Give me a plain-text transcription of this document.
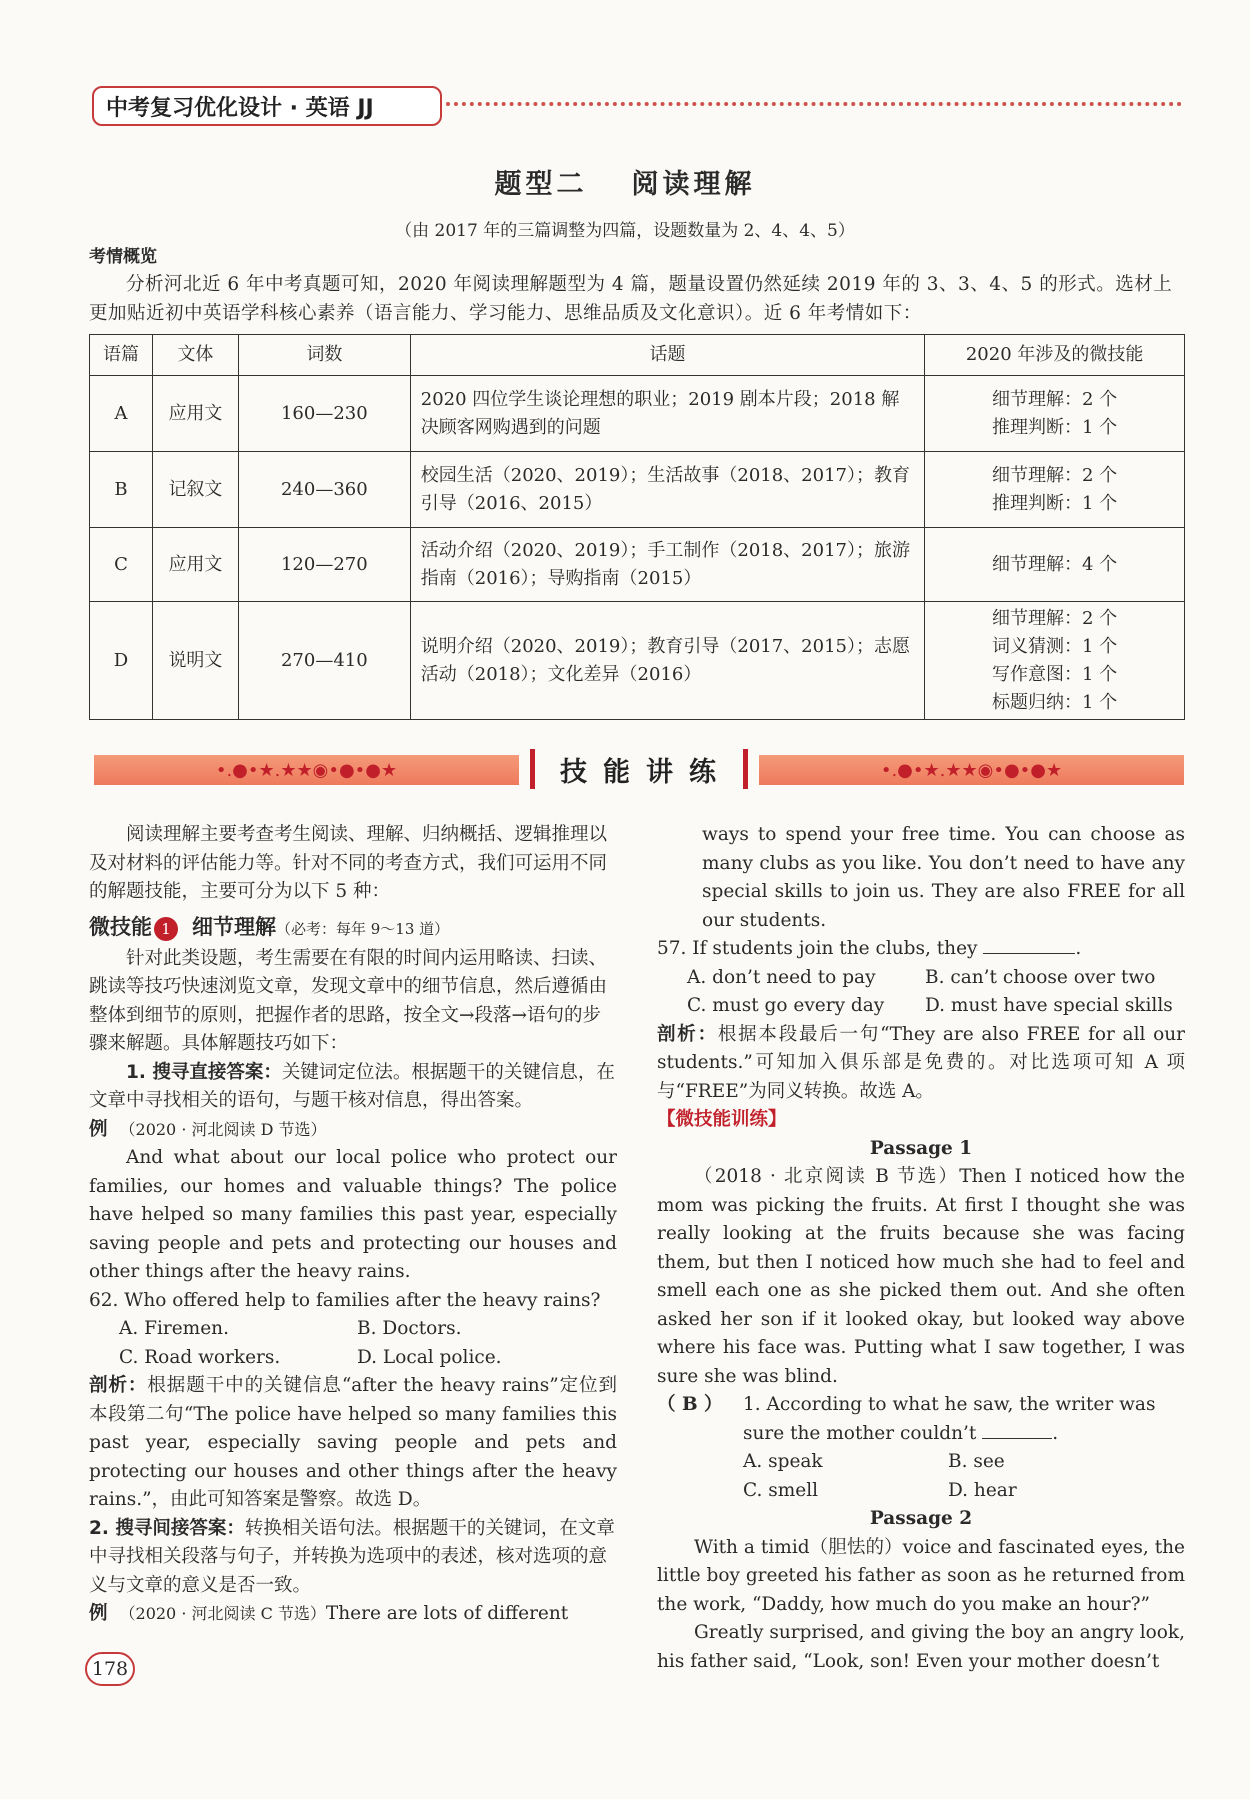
中考复习优化设计 · 英语 JJ
题型二 阅读理解
（由 2017 年的三篇调整为四篇，设题数量为 2、4、4、5）
考情概览
分析河北近 6 年中考真题可知，2020 年阅读理解题型为 4 篇，题量设置仍然延续 2019 年的 3、3、4、5 的形式。选材上更加贴近初中英语学科核心素养（语言能力、学习能力、思维品质及文化意识）。近 6 年考情如下：
语篇	文体	词数	话题	2020 年涉及的微技能
A	应用文	160—230	2020 四位学生谈论理想的职业；2019 剧本片段；2018 解决顾客网购遇到的问题	细节理解：2 个
推理判断：1 个

B	记叙文	240—360	校园生活（2020、2019）；生活故事（2018、2017）；教育引导（2016、2015）	细节理解：2 个
推理判断：1 个

C	应用文	120—270	活动介绍（2020、2019）；手工制作（2018、2017）；旅游指南（2016）；导购指南（2015）	细节理解：4 个

D	说明文	270—410	说明介绍（2020、2019）；教育引导（2017、2015）；志愿活动（2018）；文化差异（2016）	细节理解：2 个
词义猜测：1 个
写作意图：1 个
标题归纳：1 个
•.●•★.★★◉•●•●★	技能讲练	•.●•★.★★◉•●•●★
阅读理解主要考查考生阅读、理解、归纳概括、逻辑推理以及对材料的评估能力等。针对不同的考查方式，我们可运用不同的解题技能，主要可分为以下 5 种：
微技能 1 细节理解（必考：每年 9～13 道）
针对此类设题，考生需要在有限的时间内运用略读、扫读、跳读等技巧快速浏览文章，发现文章中的细节信息，然后遵循由整体到细节的原则，把握作者的思路，按全文→段落→语句的步骤来解题。具体解题技巧如下：
1. 搜寻直接答案：关键词定位法。根据题干的关键信息，在文章中寻找相关的语句，与题干核对信息，得出答案。
例 （2020 · 河北阅读 D 节选）
And what about our local police who protect our families, our homes and valuable things? The police have helped so many families this past year, especially saving people and pets and protecting our houses and other things after the heavy rains.
62. Who offered help to families after the heavy rains?
A. Firemen.	B. Doctors.
C. Road workers.	D. Local police.
剖析：根据题干中的关键信息“after the heavy rains”定位到本段第二句“The police have helped so many families this past year, especially saving people and pets and protecting our houses and other things after the heavy rains.”，由此可知答案是警察。故选 D。
2. 搜寻间接答案：转换相关语句法。根据题干的关键词，在文章中寻找相关段落与句子，并转换为选项中的表述，核对选项的意义与文章的意义是否一致。
例 （2020 · 河北阅读 C 节选）There are lots of different
ways to spend your free time. You can choose as many clubs as you like. You don’t need to have any special skills to join us. They are also FREE for all our students.
57. If students join the clubs, they	.
A. don’t need to pay	B. can’t choose over two
C. must go every day	D. must have special skills
剖析：根据本段最后一句“They are also FREE for all our students.”可知加入俱乐部是免费的。对比选项可知 A 项与“FREE”为同义转换。故选 A。
【微技能训练】
Passage 1
（2018 · 北京阅读 B 节选）Then I noticed how the mom was picking the fruits. At first I thought she was really looking at the fruits because she was facing them, but then I noticed how much she had to feel and smell each one as she picked them out. And she often asked her son if it looked okay, but looked way above where his face was. Putting what I saw together, I was sure she was blind.
（ B ）	1. According to what he saw, the writer was sure the mother couldn’t	.
A. speak	B. see
C. smell	D. hear
Passage 2
With a timid（胆怯的）voice and fascinated eyes, the little boy greeted his father as soon as he returned from the work, “Daddy, how much do you make an hour?”
Greatly surprised, and giving the boy an angry look, his father said, “Look, son! Even your mother doesn’t
178
